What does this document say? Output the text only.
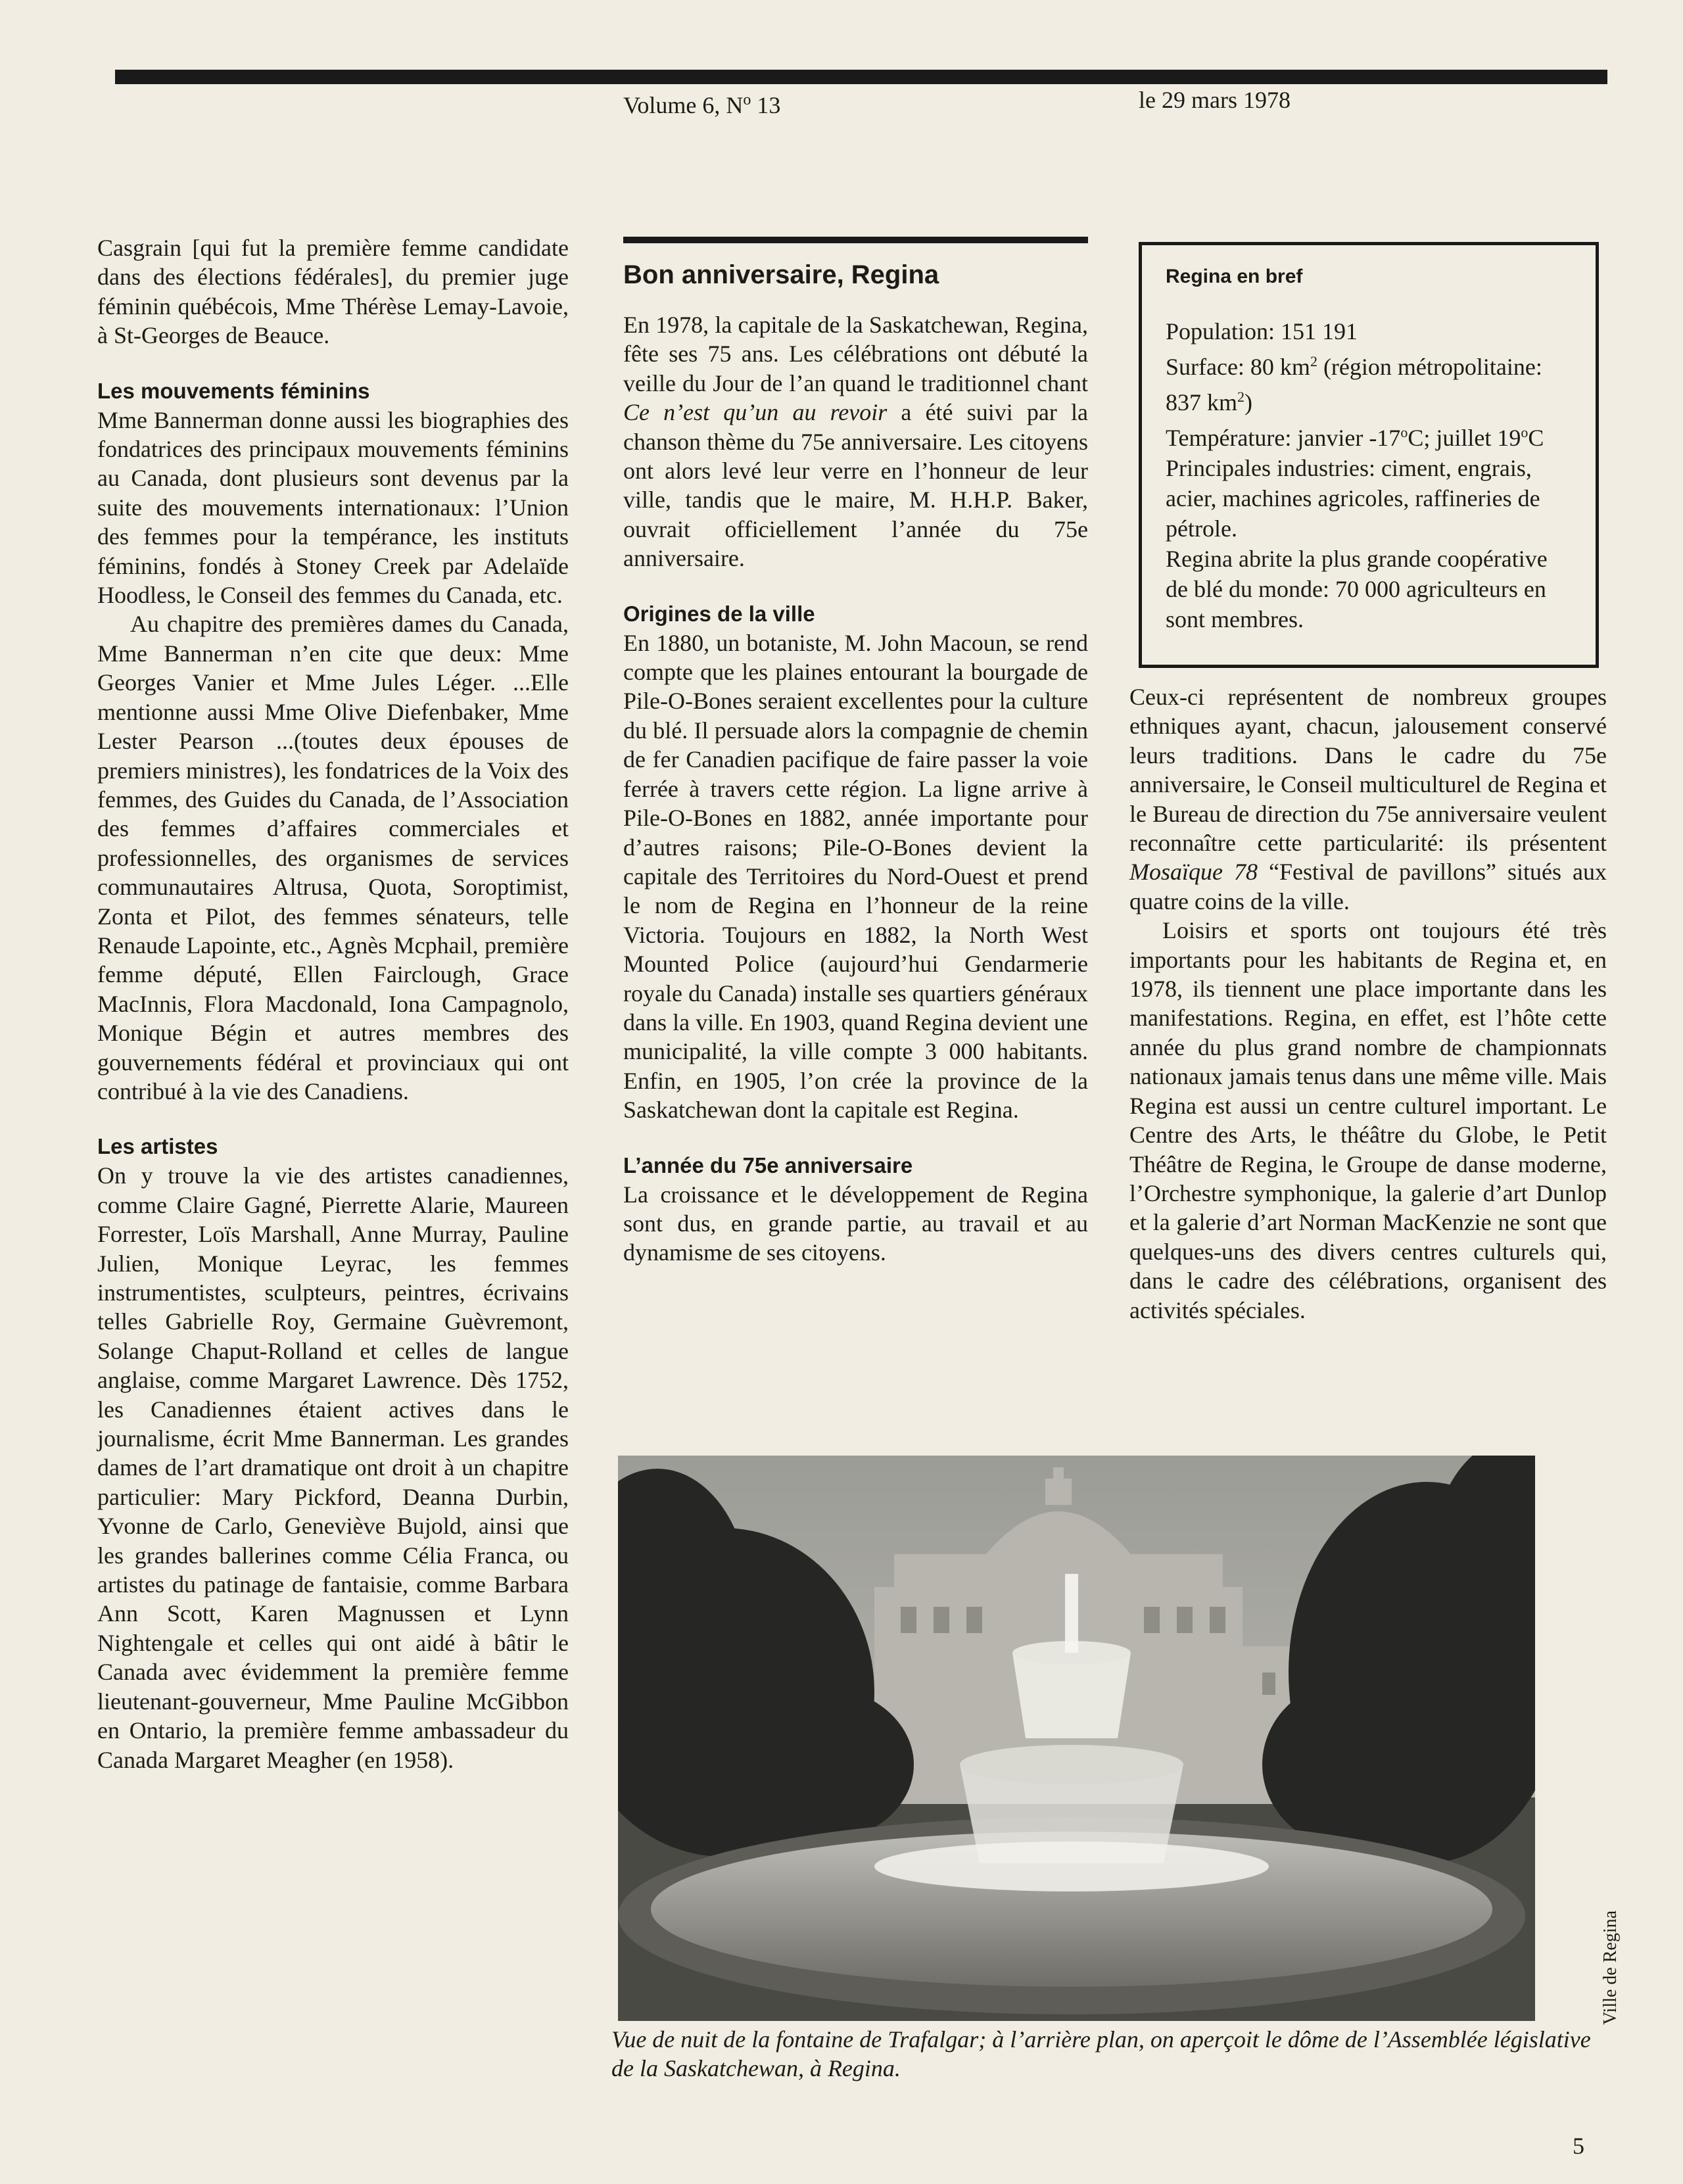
Volume 6, $N^o$ 13	le 29 mars 1978

Casgrain [qui fut la première femme candidate dans des élections fédérales], du premier juge féminin québécois, Mme Thérèse Lemay-Lavoie, à St-Georges de Beauce.

Les mouvements féminins

Mme Bannerman donne aussi les biographies des fondatrices des principaux mouvements féminins au Canada, dont plusieurs sont devenus par la suite des mouvements internationaux: l’Union des femmes pour la tempérance, les instituts féminins, fondés à Stoney Creek par Adelaïde Hoodless, le Conseil des femmes du Canada, etc.

Au chapitre des premières dames du Canada, Mme Bannerman n’en cite que deux: Mme Georges Vanier et Mme Jules Léger. ...Elle mentionne aussi Mme Olive Diefenbaker, Mme Lester Pearson ...(toutes deux épouses de premiers ministres), les fondatrices de la Voix des femmes, des Guides du Canada, de l’Association des femmes d’affaires commerciales et professionnelles, des organismes de services communautaires Altrusa, Quota, Soroptimist, Zonta et Pilot, des femmes sénateurs, telle Renaude Lapointe, etc., Agnès Mcphail, première femme député, Ellen Fairclough, Grace MacInnis, Flora Macdonald, Iona Campagnolo, Monique Bégin et autres membres des gouvernements fédéral et provinciaux qui ont contribué à la vie des Canadiens.

Les artistes

On y trouve la vie des artistes canadiennes, comme Claire Gagné, Pierrette Alarie, Maureen Forrester, Loïs Marshall, Anne Murray, Pauline Julien, Monique Leyrac, les femmes instrumentistes, sculpteurs, peintres, écrivains telles Gabrielle Roy, Germaine Guèvremont, Solange Chaput-Rolland et celles de langue anglaise, comme Margaret Lawrence. Dès 1752, les Canadiennes étaient actives dans le journalisme, écrit Mme Bannerman. Les grandes dames de l’art dramatique ont droit à un chapitre particulier: Mary Pickford, Deanna Durbin, Yvonne de Carlo, Geneviève Bujold, ainsi que les grandes ballerines comme Célia Franca, ou artistes du patinage de fantaisie, comme Barbara Ann Scott, Karen Magnussen et Lynn Nightengale et celles qui ont aidé à bâtir le Canada avec évidemment la première femme lieutenant-gouverneur, Mme Pauline McGibbon en Ontario, la première femme ambassadeur du Canada Margaret Meagher (en 1958).

Bon anniversaire, Regina

En 1978, la capitale de la Saskatchewan, Regina, fête ses 75 ans. Les célébrations ont débuté la veille du Jour de l’an quand le traditionnel chant Ce n’est qu’un au revoir a été suivi par la chanson thème du 75e anniversaire. Les citoyens ont alors levé leur verre en l’honneur de leur ville, tandis que le maire, M. H.H.P. Baker, ouvrait officiellement l’année du 75e anniversaire.

Origines de la ville

En 1880, un botaniste, M. John Macoun, se rend compte que les plaines entourant la bourgade de Pile-O-Bones seraient excellentes pour la culture du blé. Il persuade alors la compagnie de chemin de fer Canadien pacifique de faire passer la voie ferrée à travers cette région. La ligne arrive à Pile-O-Bones en 1882, année importante pour d’autres raisons; Pile-O-Bones devient la capitale des Territoires du Nord-Ouest et prend le nom de Regina en l’honneur de la reine Victoria. Toujours en 1882, la North West Mounted Police (aujourd’hui Gendarmerie royale du Canada) installe ses quartiers généraux dans la ville. En 1903, quand Regina devient une municipalité, la ville compte 3 000 habitants. Enfin, en 1905, l’on crée la province de la Saskatchewan dont la capitale est Regina.

L’année du 75e anniversaire

La croissance et le développement de Regina sont dus, en grande partie, au travail et au dynamisme de ses citoyens.

Regina en bref

Population: 151 191

Surface: 80 $km^2$ (région métropolitaine: 837 $km^2$)

Température: janvier -17$^o$C; juillet 19$^o$C

Principales industries: ciment, engrais, acier, machines agricoles, raffineries de pétrole.

Regina abrite la plus grande coopérative de blé du monde: 70 000 agriculteurs en sont membres.

Ceux-ci représentent de nombreux groupes ethniques ayant, chacun, jalousement conservé leurs traditions. Dans le cadre du 75e anniversaire, le Conseil multiculturel de Regina et le Bureau de direction du 75e anniversaire veulent reconnaître cette particularité: ils présentent Mosaïque 78 “Festival de pavillons” situés aux quatre coins de la ville.

Loisirs et sports ont toujours été très importants pour les habitants de Regina et, en 1978, ils tiennent une place importante dans les manifestations. Regina, en effet, est l’hôte cette année du plus grand nombre de championnats nationaux jamais tenus dans une même ville. Mais Regina est aussi un centre culturel important. Le Centre des Arts, le théâtre du Globe, le Petit Théâtre de Regina, le Groupe de danse moderne, l’Orchestre symphonique, la galerie d’art Dunlop et la galerie d’art Norman MacKenzie ne sont que quelques-uns des divers centres culturels qui, dans le cadre des célébrations, organisent des activités spéciales.

Ville de Regina
Vue de nuit de la fontaine de Trafalgar; à l’arrière plan, on aperçoit le dôme de l’Assemblée législative de la Saskatchewan, à Regina.
5
